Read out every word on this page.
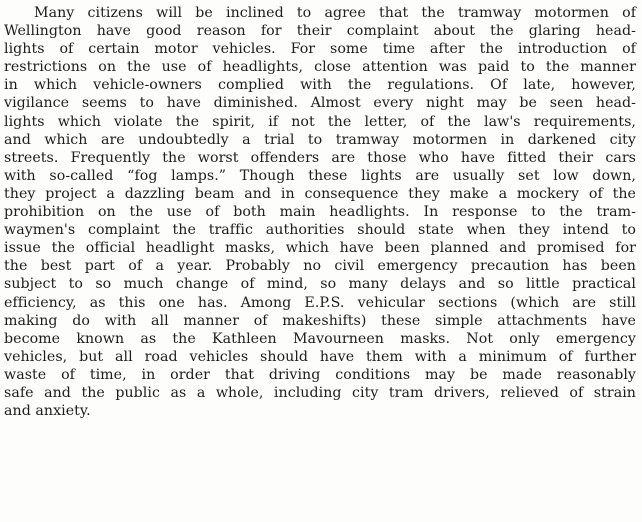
Many citizens will be inclined to agree that the tramway motormen of
Wellington have good reason for their complaint about the glaring head-
lights of certain motor vehicles. For some time after the introduction of
restrictions on the use of headlights, close attention was paid to the manner
in which vehicle-owners complied with the regulations. Of late, however,
vigilance seems to have diminished. Almost every night may be seen head-
lights which violate the spirit, if not the letter, of the law's requirements,
and which are undoubtedly a trial to tramway motormen in darkened city
streets. Frequently the worst offenders are those who have fitted their cars
with so-called “fog lamps.” Though these lights are usually set low down,
they project a dazzling beam and in consequence they make a mockery of the
prohibition on the use of both main headlights. In response to the tram-
waymen's complaint the traffic authorities should state when they intend to
issue the official headlight masks, which have been planned and promised for
the best part of a year. Probably no civil emergency precaution has been
subject to so much change of mind, so many delays and so little practical
efficiency, as this one has. Among E.P.S. vehicular sections (which are still
making do with all manner of makeshifts) these simple attachments have
become known as the Kathleen Mavourneen masks. Not only emergency
vehicles, but all road vehicles should have them with a minimum of further
waste of time, in order that driving conditions may be made reasonably
safe and the public as a whole, including city tram drivers, relieved of strain
and anxiety.
